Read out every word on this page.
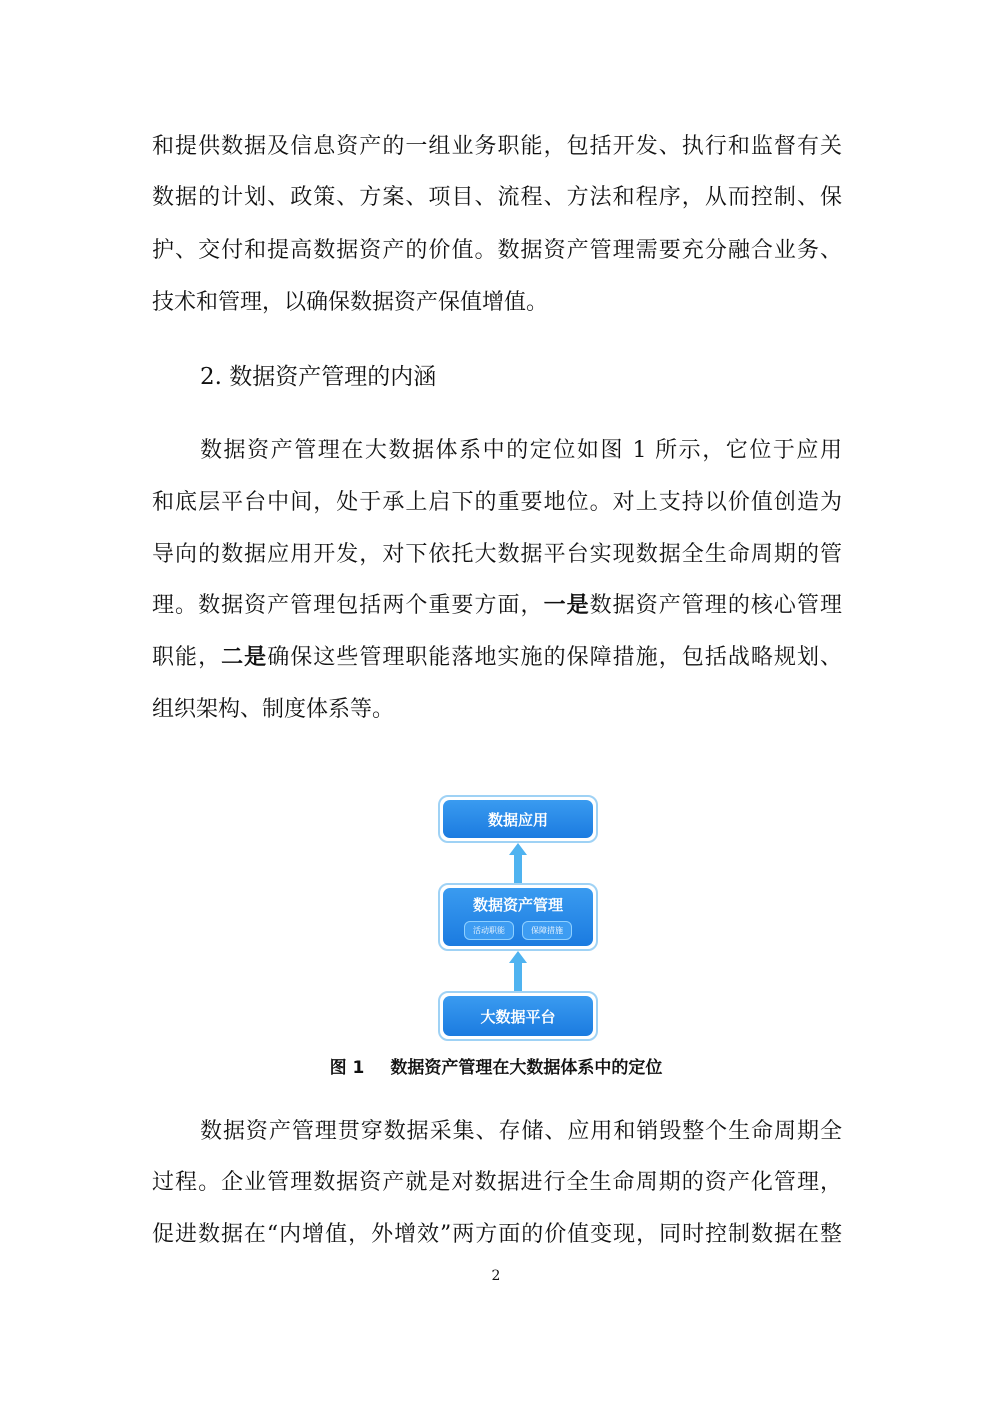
和提供数据及信息资产的一组业务职能，包括开发、执行和监督有关
数据的计划、政策、方案、项目、流程、方法和程序，从而控制、保
护、交付和提高数据资产的价值。数据资产管理需要充分融合业务、
技术和管理，以确保数据资产保值增值。
2. 数据资产管理的内涵
数据资产管理在大数据体系中的定位如图 1 所示，它位于应用
和底层平台中间，处于承上启下的重要地位。对上支持以价值创造为
导向的数据应用开发，对下依托大数据平台实现数据全生命周期的管
理。数据资产管理包括两个重要方面，一是数据资产管理的核心管理
职能，二是确保这些管理职能落地实施的保障措施，包括战略规划、
组织架构、制度体系等。
数据应用
数据资产管理
活动职能	保障措施
大数据平台
图 1 数据资产管理在大数据体系中的定位
数据资产管理贯穿数据采集、存储、应用和销毁整个生命周期全
过程。企业管理数据资产就是对数据进行全生命周期的资产化管理，
促进数据在“内增值，外增效”两方面的价值变现，同时控制数据在整
2
